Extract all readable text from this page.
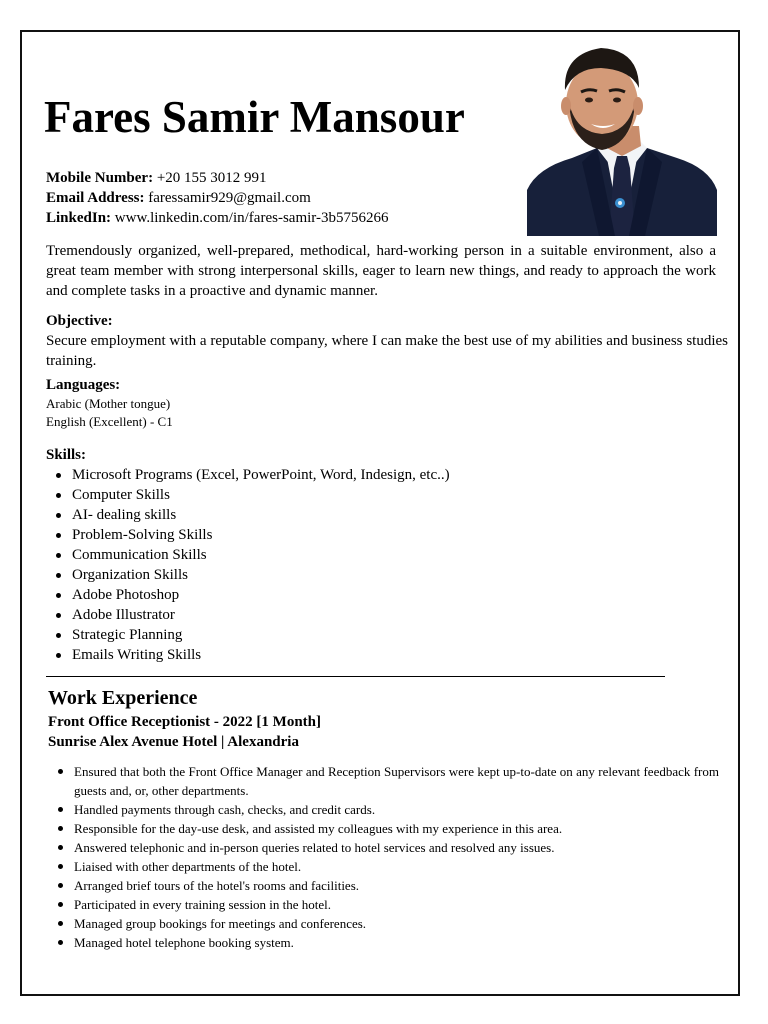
Fares Samir Mansour
Mobile Number: +20 155 3012 991
Email Address: faressamir929@gmail.com
LinkedIn: www.linkedin.com/in/fares-samir-3b5756266
Tremendously organized, well-prepared, methodical, hard-working person in a suitable environment, also a great team member with strong interpersonal skills, eager to learn new things, and ready to approach the work and complete tasks in a proactive and dynamic manner.
Objective:
Secure employment with a reputable company, where I can make the best use of my abilities and business studies training.
Languages:
Arabic (Mother tongue)
English (Excellent) - C1
Skills:
Microsoft Programs (Excel, PowerPoint, Word, Indesign, etc..)
Computer Skills
AI- dealing skills
Problem-Solving Skills
Communication Skills
Organization Skills
Adobe Photoshop
Adobe Illustrator
Strategic Planning
Emails Writing Skills
Work Experience
Front Office Receptionist - 2022 [1 Month]
Sunrise Alex Avenue Hotel | Alexandria
Ensured that both the Front Office Manager and Reception Supervisors were kept up-to-date on any relevant feedback from guests and, or, other departments.
Handled payments through cash, checks, and credit cards.
Responsible for the day-use desk, and assisted my colleagues with my experience in this area.
Answered telephonic and in-person queries related to hotel services and resolved any issues.
Liaised with other departments of the hotel.
Arranged brief tours of the hotel's rooms and facilities.
Participated in every training session in the hotel.
Managed group bookings for meetings and conferences.
Managed hotel telephone booking system.
